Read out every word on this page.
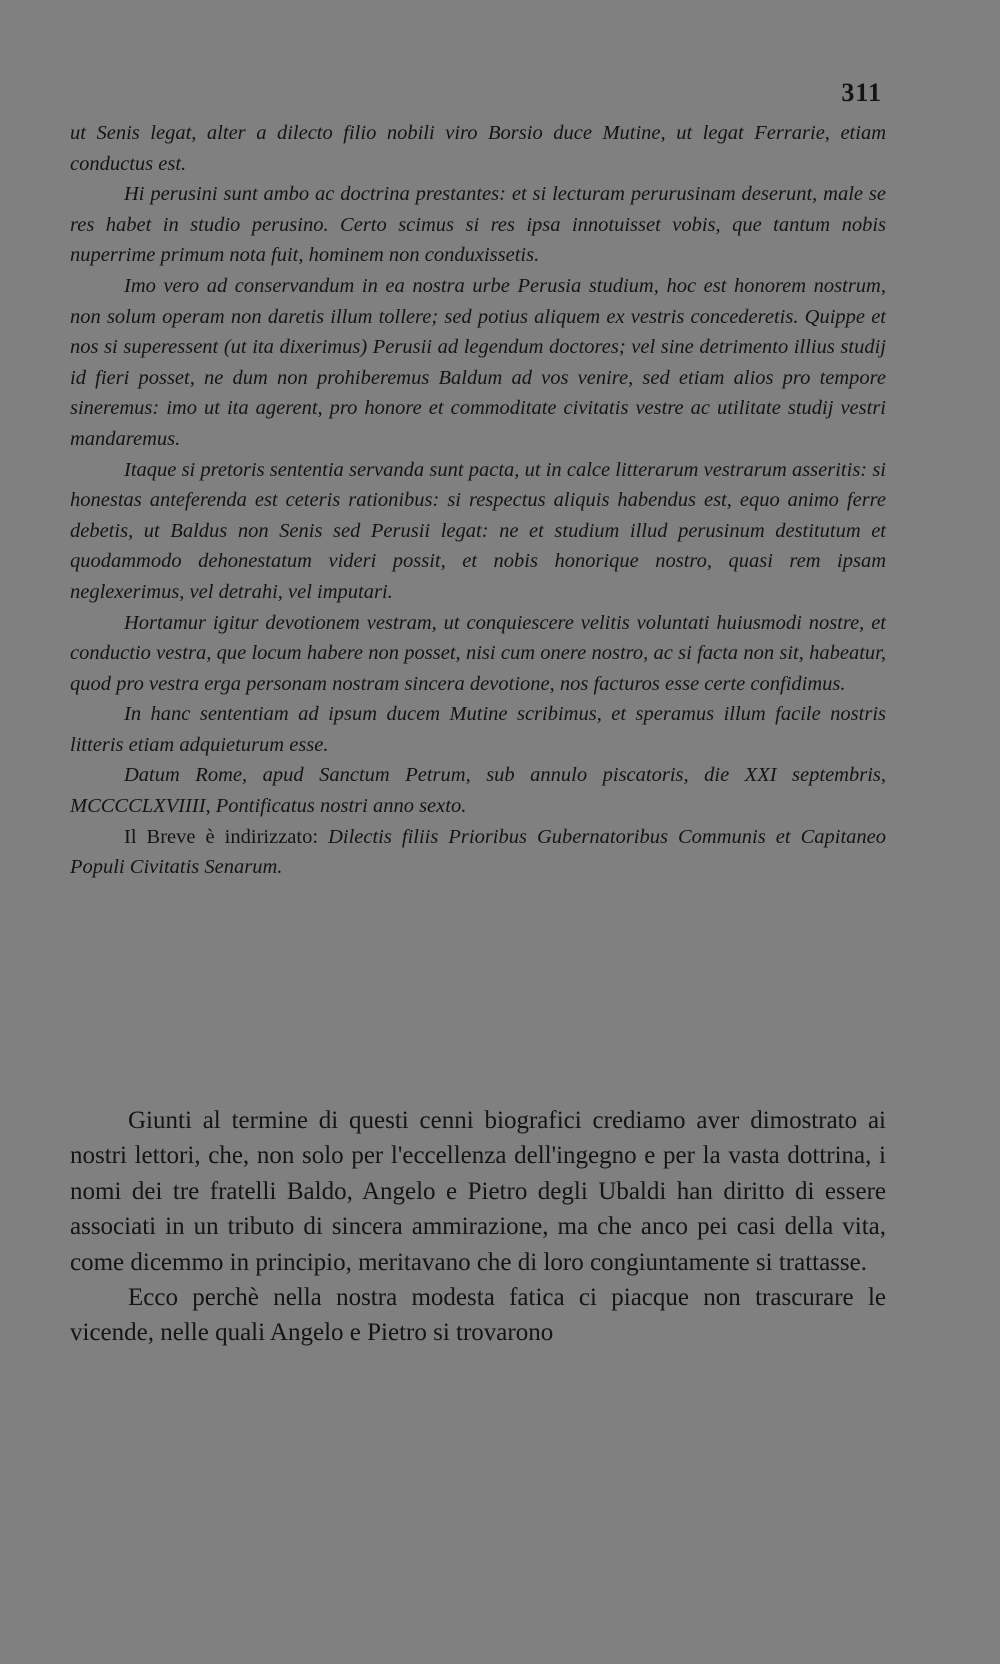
311

ut Senis legat, alter a dilecto filio nobili viro Borsio duce Mutine, ut legat Ferrarie, etiam conductus est.

Hi perusini sunt ambo ac doctrina prestantes: et si lecturam perurusinam deserunt, male se res habet in studio perusino. Certo scimus si res ipsa innotuisset vobis, que tantum nobis nuperrime primum nota fuit, hominem non conduxissetis.

Imo vero ad conservandum in ea nostra urbe Perusia studium, hoc est honorem nostrum, non solum operam non daretis illum tollere; sed potius aliquem ex vestris concederetis. Quippe et nos si superessent (ut ita dixerimus) Perusii ad legendum doctores; vel sine detrimento illius studij id fieri posset, ne dum non prohiberemus Baldum ad vos venire, sed etiam alios pro tempore sineremus: imo ut ita agerent, pro honore et commoditate civitatis vestre ac utilitate studij vestri mandaremus.

Itaque si pretoris sententia servanda sunt pacta, ut in calce litterarum vestrarum asseritis: si honestas anteferenda est ceteris rationibus: si respectus aliquis habendus est, equo animo ferre debetis, ut Baldus non Senis sed Perusii legat: ne et studium illud perusinum destitutum et quodammodo dehonestatum videri possit, et nobis honorique nostro, quasi rem ipsam neglexerimus, vel detrahi, vel imputari.

Hortamur igitur devotionem vestram, ut conquiescere velitis voluntati huiusmodi nostre, et conductio vestra, que locum habere non posset, nisi cum onere nostro, ac si facta non sit, habeatur, quod pro vestra erga personam nostram sincera devotione, nos facturos esse certe confidimus.

In hanc sententiam ad ipsum ducem Mutine scribimus, et speramus illum facile nostris litteris etiam adquieturum esse.

Datum Rome, apud Sanctum Petrum, sub annulo piscatoris, die XXI septembris, MCCCCLXVIIII, Pontificatus nostri anno sexto.

Il Breve è indirizzato: Dilectis filiis Prioribus Gubernatoribus Communis et Capitaneo Populi Civitatis Senarum.

Giunti al termine di questi cenni biografici crediamo aver dimostrato ai nostri lettori, che, non solo per l'eccellenza dell'ingegno e per la vasta dottrina, i nomi dei tre fratelli Baldo, Angelo e Pietro degli Ubaldi han diritto di essere associati in un tributo di sincera ammirazione, ma che anco pei casi della vita, come dicemmo in principio, meritavano che di loro congiuntamente si trattasse.

Ecco perchè nella nostra modesta fatica ci piacque non trascurare le vicende, nelle quali Angelo e Pietro si trovarono
